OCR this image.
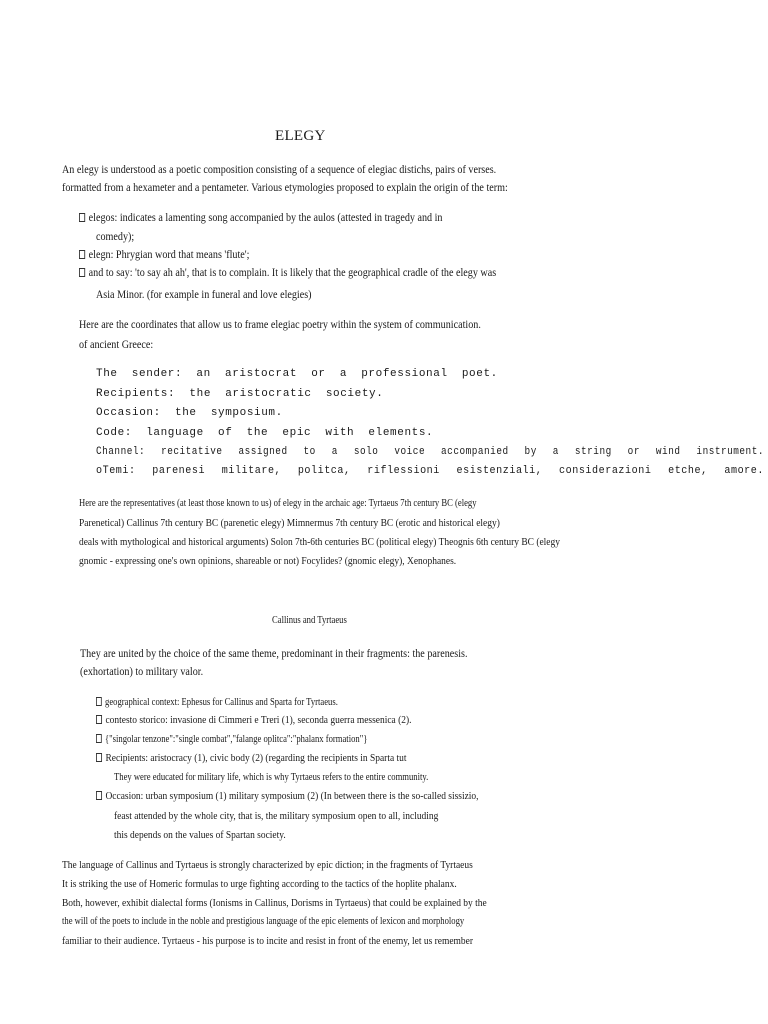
ELEGY
An elegy is understood as a poetic composition consisting of a sequence of elegiac distichs, pairs of verses.
formatted from a hexameter and a pentameter. Various etymologies proposed to explain the origin of the term:
elegos: indicates a lamenting song accompanied by the aulos (attested in tragedy and in
comedy);
elegn: Phrygian word that means 'flute';
and to say: 'to say ah ah', that is to complain. It is likely that the geographical cradle of the elegy was
Asia Minor. (for example in funeral and love elegies)
Here are the coordinates that allow us to frame elegiac poetry within the system of communication.
of ancient Greece:
The sender: an aristocrat or a professional poet.
Recipients: the aristocratic society.
Occasion: the symposium.
Code: language of the epic with elements.
Channel: recitative assigned to a solo voice accompanied by a string or wind instrument.
oTemi: parenesi militare, politca, riflessioni esistenziali, considerazioni etche, amore.
Here are the representatives (at least those known to us) of elegy in the archaic age: Tyrtaeus 7th century BC (elegy
Parenetical) Callinus 7th century BC (parenetic elegy) Mimnermus 7th century BC (erotic and historical elegy)
deals with mythological and historical arguments) Solon 7th-6th centuries BC (political elegy) Theognis 6th century BC (elegy
gnomic - expressing one's own opinions, shareable or not) Focylides? (gnomic elegy), Xenophanes.
Callinus and Tyrtaeus
They are united by the choice of the same theme, predominant in their fragments: the parenesis.
(exhortation) to military valor.
geographical context: Ephesus for Callinus and Sparta for Tyrtaeus.
contesto storico: invasione di Cimmeri e Treri (1), seconda guerra messenica (2).
{"singolar tenzone":"single combat","falange oplitca":"phalanx formation"}
Recipients: aristocracy (1), civic body (2) (regarding the recipients in Sparta tut
They were educated for military life, which is why Tyrtaeus refers to the entire community.
Occasion: urban symposium (1) military symposium (2) (In between there is the so-called sissizio,
feast attended by the whole city, that is, the military symposium open to all, including
this depends on the values of Spartan society.
The language of Callinus and Tyrtaeus is strongly characterized by epic diction; in the fragments of Tyrtaeus
It is striking the use of Homeric formulas to urge fighting according to the tactics of the hoplite phalanx.
Both, however, exhibit dialectal forms (Ionisms in Callinus, Dorisms in Tyrtaeus) that could be explained by the
the will of the poets to include in the noble and prestigious language of the epic elements of lexicon and morphology
familiar to their audience. Tyrtaeus - his purpose is to incite and resist in front of the enemy, let us remember
